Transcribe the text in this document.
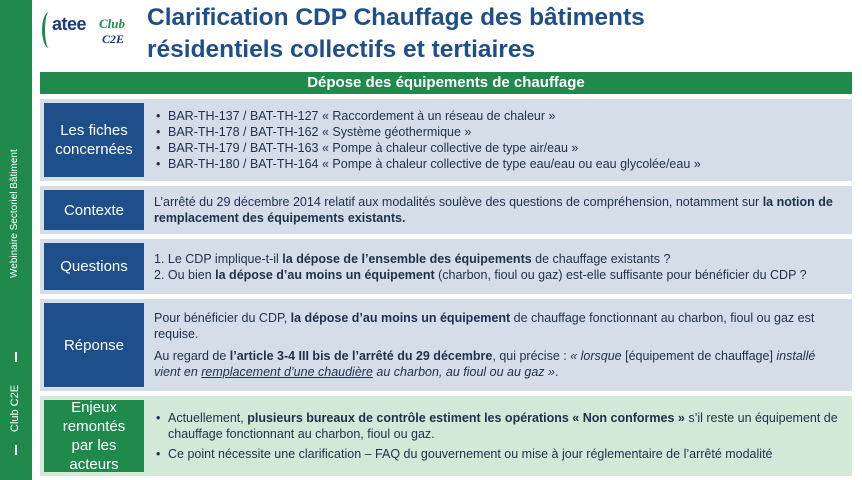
Webinaire Sectoriel Bâtiment
Club C2E
atee Club
C2E
Clarification CDP Chauffage des bâtiments
résidentiels collectifs et tertiaires
Dépose des équipements de chauffage
Les fiches
concernées
• BAR-TH-137 / BAT-TH-127 « Raccordement à un réseau de chaleur »
• BAR-TH-178 / BAT-TH-162 « Système géothermique »
• BAR-TH-179 / BAT-TH-163 « Pompe à chaleur collective de type air/eau »
• BAR-TH-180 / BAT-TH-164 « Pompe à chaleur collective de type eau/eau ou eau glycolée/eau »
Contexte	L’arrêté du 29 décembre 2014 relatif aux modalités soulève des questions de compréhension, notamment sur la notion de remplacement des équipements existants.
Questions	1. Le CDP implique-t-il la dépose de l’ensemble des équipements de chauffage existants ?
2. Ou bien la dépose d’au moins un équipement (charbon, fioul ou gaz) est-elle suffisante pour bénéficier du CDP ?
Réponse
Pour bénéficier du CDP, la dépose d’au moins un équipement de chauffage fonctionnant au charbon, fioul ou gaz est requise.
Au regard de l’article 3-4 III bis de l’arrêté du 29 décembre, qui précise : « lorsque [équipement de chauffage] installé vient en remplacement d’une chaudière au charbon, au fioul ou au gaz ».
Enjeux
remontés
par les
acteurs
• Actuellement, plusieurs bureaux de contrôle estiment les opérations « Non conformes » s’il reste un équipement de chauffage fonctionnant au charbon, fioul ou gaz.
• Ce point nécessite une clarification – FAQ du gouvernement ou mise à jour réglementaire de l’arrêté modalité
